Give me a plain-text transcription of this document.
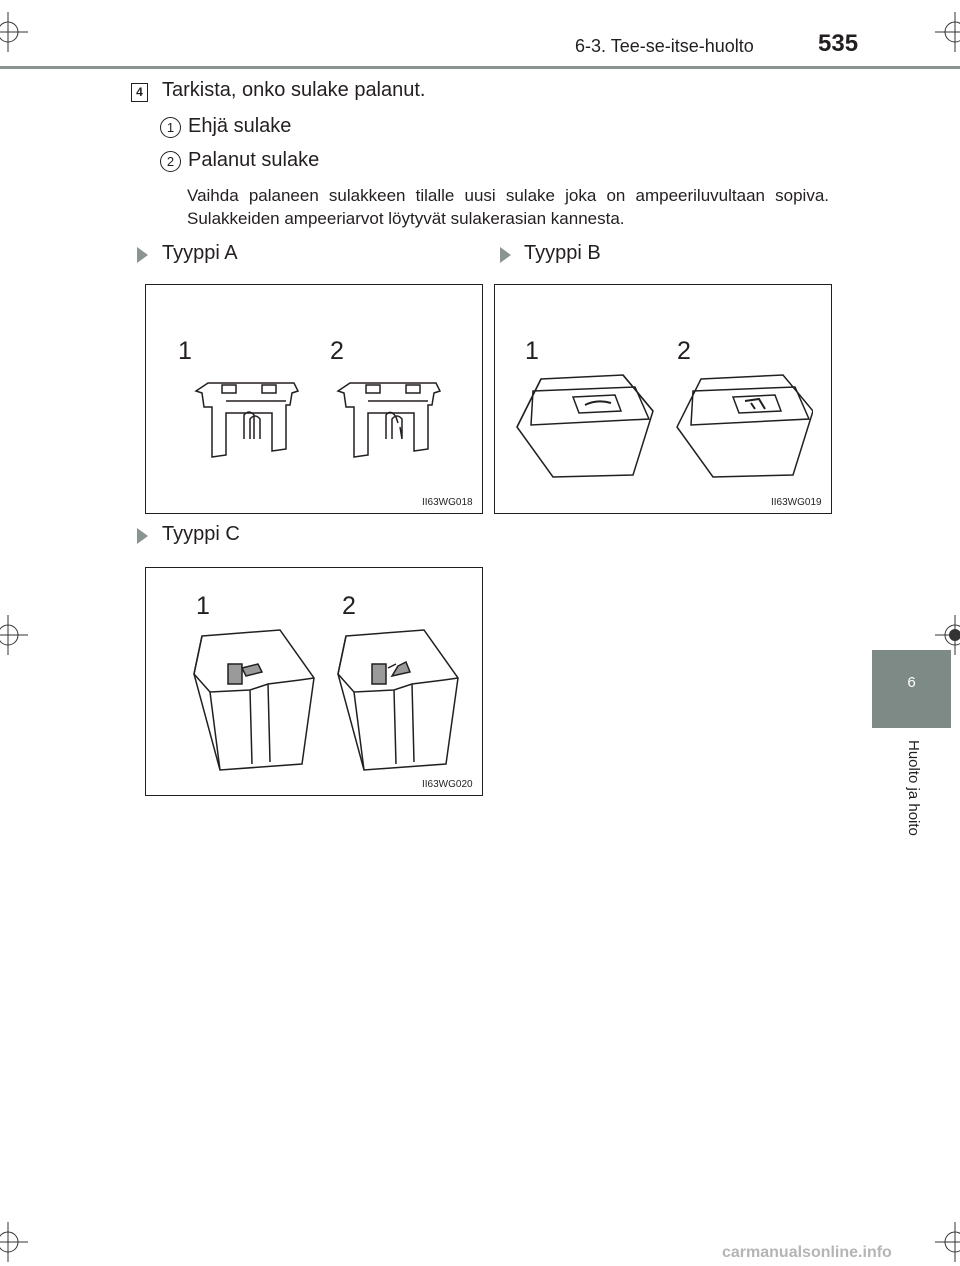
6-3. Tee-se-itse-huolto	535
6
Huolto ja hoito
4 Tarkista, onko sulake palanut.
1 Ehjä sulake
2 Palanut sulake
Vaihda palaneen sulakkeen tilalle uusi sulake joka on ampeeriluvultaan sopiva. Sulakkeiden ampeeriarvot löytyvät sulakerasian kannesta.
Tyyppi A	Tyyppi B
Tyyppi C
1	2
II63WG018
1	2
II63WG019
1	2
II63WG020
carmanualsonline.info
